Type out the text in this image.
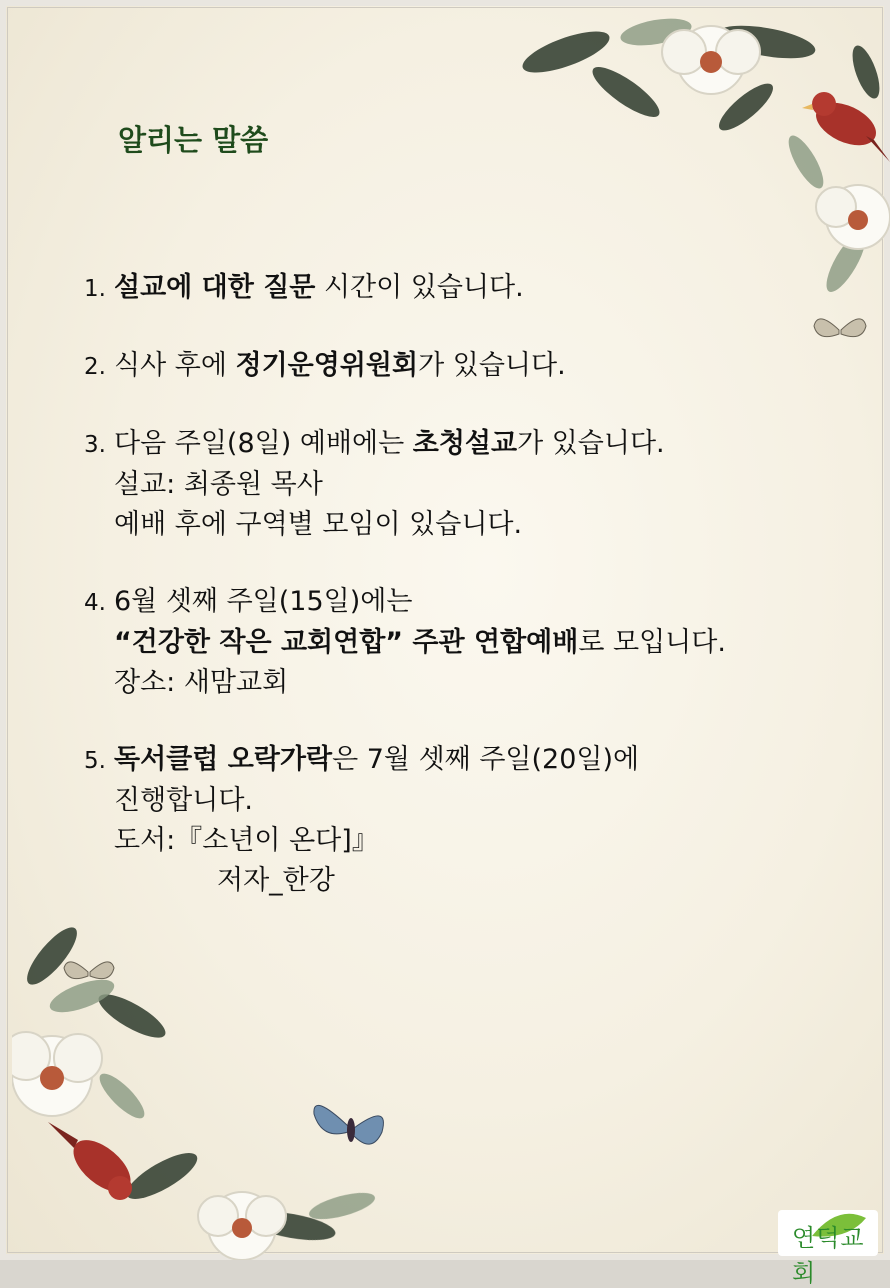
알리는 말씀
1. 설교에 대한 질문 시간이 있습니다.
2. 식사 후에 정기운영위원회가 있습니다.
3. 다음 주일(8일) 예배에는 초청설교가 있습니다.
설교: 최종원 목사
예배 후에 구역별 모임이 있습니다.
4. 6월 셋째 주일(15일)에는
“건강한 작은 교회연합” 주관 연합예배로 모입니다.
장소: 새맘교회
5. 독서클럽 오락가락은 7월 셋째 주일(20일)에
진행합니다.
도서:『소년이 온다]』
저자_한강
연덕교회
